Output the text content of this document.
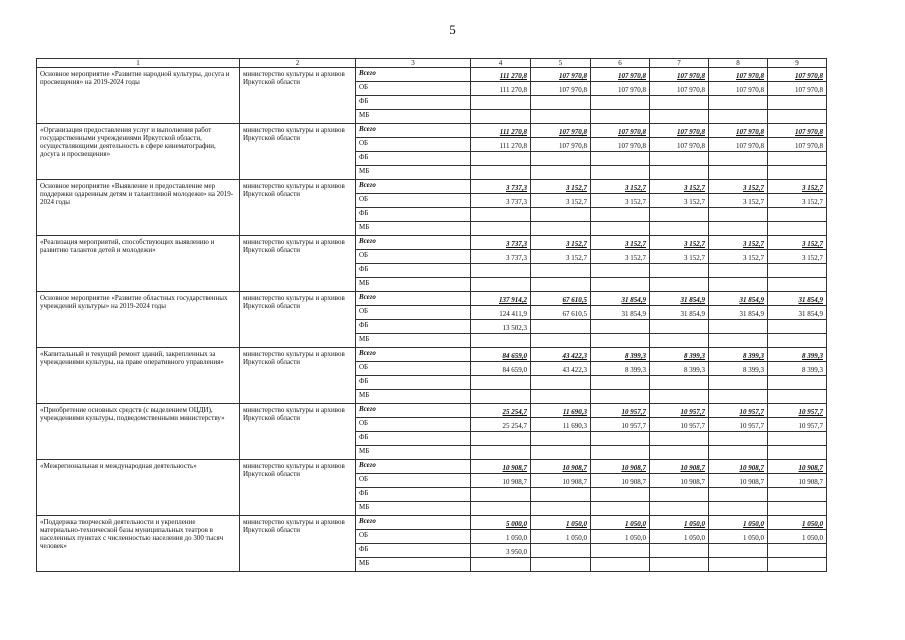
5
1	2	3	4	5	6	7	8	9
Основное мероприятие «Развитие народной культуры, досуга и просвещения» на 2019-2024 годы	министерство культуры и архивов Иркутской области	Всего	111 270,8	107 970,8	107 970,8	107 970,8	107 970,8	107 970,8
		ОБ	111 270,8	107 970,8	107 970,8	107 970,8	107 970,8	107 970,8
		ФБ						
		МБ						
«Организация предоставления услуг и выполнения работ государственными учреждениями Иркутской области, осуществляющими деятельность в сфере кинематографии, досуга и просвещения»	министерство культуры и архивов Иркутской области	Всего	111 270,8	107 970,8	107 970,8	107 970,8	107 970,8	107 970,8
		ОБ	111 270,8	107 970,8	107 970,8	107 970,8	107 970,8	107 970,8
		ФБ						
		МБ						
Основное мероприятие «Выявление и предоставление мер поддержки одаренным детям и талантливой молодежи» на 2019-2024 годы	министерство культуры и архивов Иркутской области	Всего	3 737,3	3 152,7	3 152,7	3 152,7	3 152,7	3 152,7
		ОБ	3 737,3	3 152,7	3 152,7	3 152,7	3 152,7	3 152,7
		ФБ						
		МБ						
«Реализация мероприятий, способствующих выявлению и развитию талантов детей и молодежи»	министерство культуры и архивов Иркутской области	Всего	3 737,3	3 152,7	3 152,7	3 152,7	3 152,7	3 152,7
		ОБ	3 737,3	3 152,7	3 152,7	3 152,7	3 152,7	3 152,7
		ФБ						
		МБ						
Основное мероприятие «Развитие областных государственных учреждений культуры» на 2019-2024 годы	министерство культуры и архивов Иркутской области	Всего	137 914,2	67 610,5	31 854,9	31 854,9	31 854,9	31 854,9
		ОБ	124 411,9	67 610,5	31 854,9	31 854,9	31 854,9	31 854,9
		ФБ	13 502,3					
		МБ						
«Капитальный и текущий ремонт зданий, закрепленных за учреждениями культуры, на праве оперативного управления»	министерство культуры и архивов Иркутской области	Всего	84 659,0	43 422,3	8 399,3	8 399,3	8 399,3	8 399,3
		ОБ	84 659,0	43 422,3	8 399,3	8 399,3	8 399,3	8 399,3
		ФБ						
		МБ						
«Приобретение основных средств (с выделением ОЦДИ), учреждениями культуры, подведомственными министерству»	министерство культуры и архивов Иркутской области	Всего	25 254,7	11 690,3	10 957,7	10 957,7	10 957,7	10 957,7
		ОБ	25 254,7	11 690,3	10 957,7	10 957,7	10 957,7	10 957,7
		ФБ						
		МБ						
«Межрегиональная и международная деятельность»	министерство культуры и архивов Иркутской области	Всего	10 908,7	10 908,7	10 908,7	10 908,7	10 908,7	10 908,7
		ОБ	10 908,7	10 908,7	10 908,7	10 908,7	10 908,7	10 908,7
		ФБ						
		МБ						
«Поддержка творческой деятельности и укрепление материально-технической базы муниципальных театров в населенных пунктах с численностью населения до 300 тысяч человек»	министерство культуры и архивов Иркутской области	Всего	5 000,0	1 050,0	1 050,0	1 050,0	1 050,0	1 050,0
		ОБ	1 050,0	1 050,0	1 050,0	1 050,0	1 050,0	1 050,0
		ФБ	3 950,0					
		МБ						
